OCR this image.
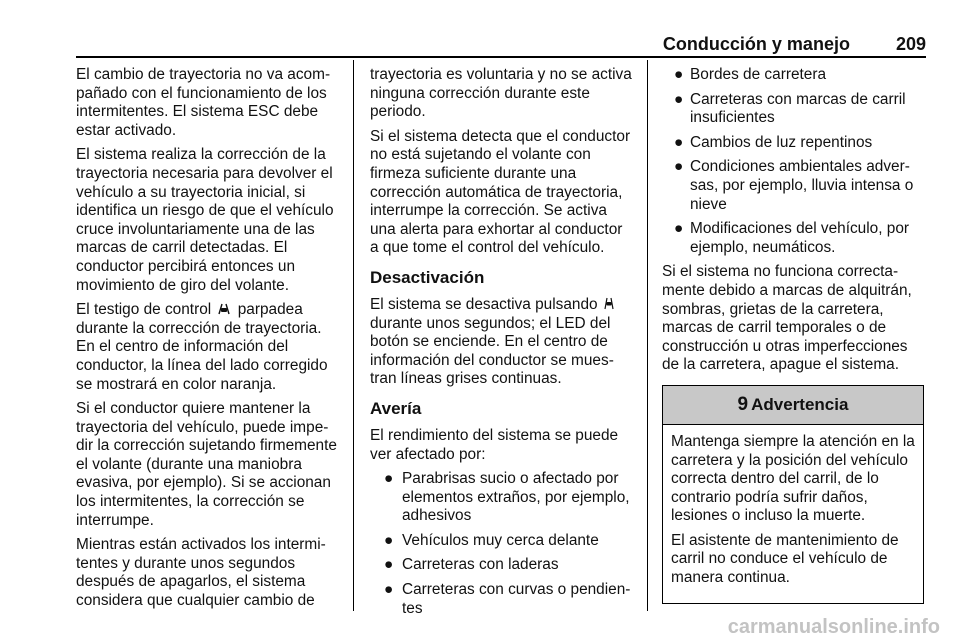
Conducción y manejo	209

El cambio de trayectoria no va acompañado con el funcionamiento de los intermitentes. El sistema ESC debe estar activado.

El sistema realiza la corrección de la trayectoria necesaria para devolver el vehículo a su trayectoria inicial, si identifica un riesgo de que el vehículo cruce involuntariamente una de las marcas de carril detectadas. El conductor percibirá entonces un movimiento de giro del volante.

El testigo de control parpadea durante la corrección de trayectoria. En el centro de información del conductor, la línea del lado corregido se mostrará en color naranja.

Si el conductor quiere mantener la trayectoria del vehículo, puede impedir la corrección sujetando firmemente el volante (durante una maniobra evasiva, por ejemplo). Si se accionan los intermitentes, la corrección se interrumpe.

Mientras están activados los intermitentes y durante unos segundos después de apagarlos, el sistema considera que cualquier cambio de

trayectoria es voluntaria y no se activa ninguna corrección durante este periodo.

Si el sistema detecta que el conductor no está sujetando el volante con firmeza suficiente durante una corrección automática de trayectoria, interrumpe la corrección. Se activa una alerta para exhortar al conductor a que tome el control del vehículo.

Desactivación

El sistema se desactiva pulsando  durante unos segundos; el LED del botón se enciende. En el centro de información del conductor se muestran líneas grises continuas.

Avería

El rendimiento del sistema se puede ver afectado por:

● Parabrisas sucio o afectado por elementos extraños, por ejemplo, adhesivos
● Vehículos muy cerca delante
● Carreteras con laderas
● Carreteras con curvas o pendientes
● Bordes de carretera
● Carreteras con marcas de carril insuficientes
● Cambios de luz repentinos
● Condiciones ambientales adversas, por ejemplo, lluvia intensa o nieve
● Modificaciones del vehículo, por ejemplo, neumáticos.

Si el sistema no funciona correctamente debido a marcas de alquitrán, sombras, grietas de la carretera, marcas de carril temporales o de construcción u otras imperfecciones de la carretera, apague el sistema.

9 Advertencia

Mantenga siempre la atención en la carretera y la posición del vehículo correcta dentro del carril, de lo contrario podría sufrir daños, lesiones o incluso la muerte.

El asistente de mantenimiento de carril no conduce el vehículo de manera continua.

carmanualsonline.info
